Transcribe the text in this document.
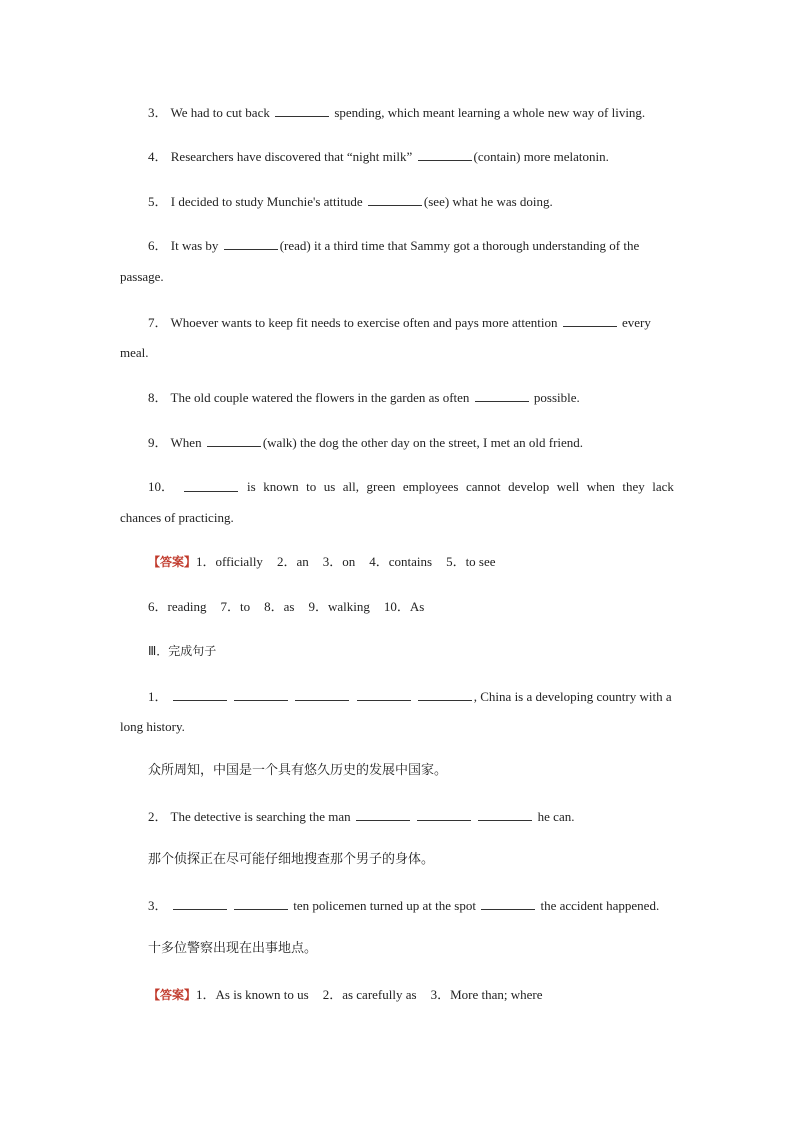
3． We had to cut back	spending, which meant learning a whole new way of living.
4． Researchers have discovered that “night milk”	(contain) more melatonin.
5． I decided to study Munchie's attitude	(see) what he was doing.
6． It was by	(read) it a third time that Sammy got a thorough understanding of the
passage.
7． Whoever wants to keep fit needs to exercise often and pays more attention	every
meal.
8． The old couple watered the flowers in the garden as often	possible.
9． When	(walk) the dog the other day on the street, I met an old friend.
10．	is known to us all, green employees cannot develop well when they lack
chances of practicing.
【答案】1．officially 2．an 3．on 4．contains 5．to see
6．reading 7．to 8．as 9．walking 10．As
Ⅲ．完成句子
1．	, China is a developing country with a
long history.
众所周知，中国是一个具有悠久历史的发展中国家。
2． The detective is searching the man	he can.
那个侦探正在尽可能仔细地搜查那个男子的身体。
3．	ten policemen turned up at the spot	the accident happened.
十多位警察出现在出事地点。
【答案】1．As is known to us 2．as carefully as 3．More than; where
